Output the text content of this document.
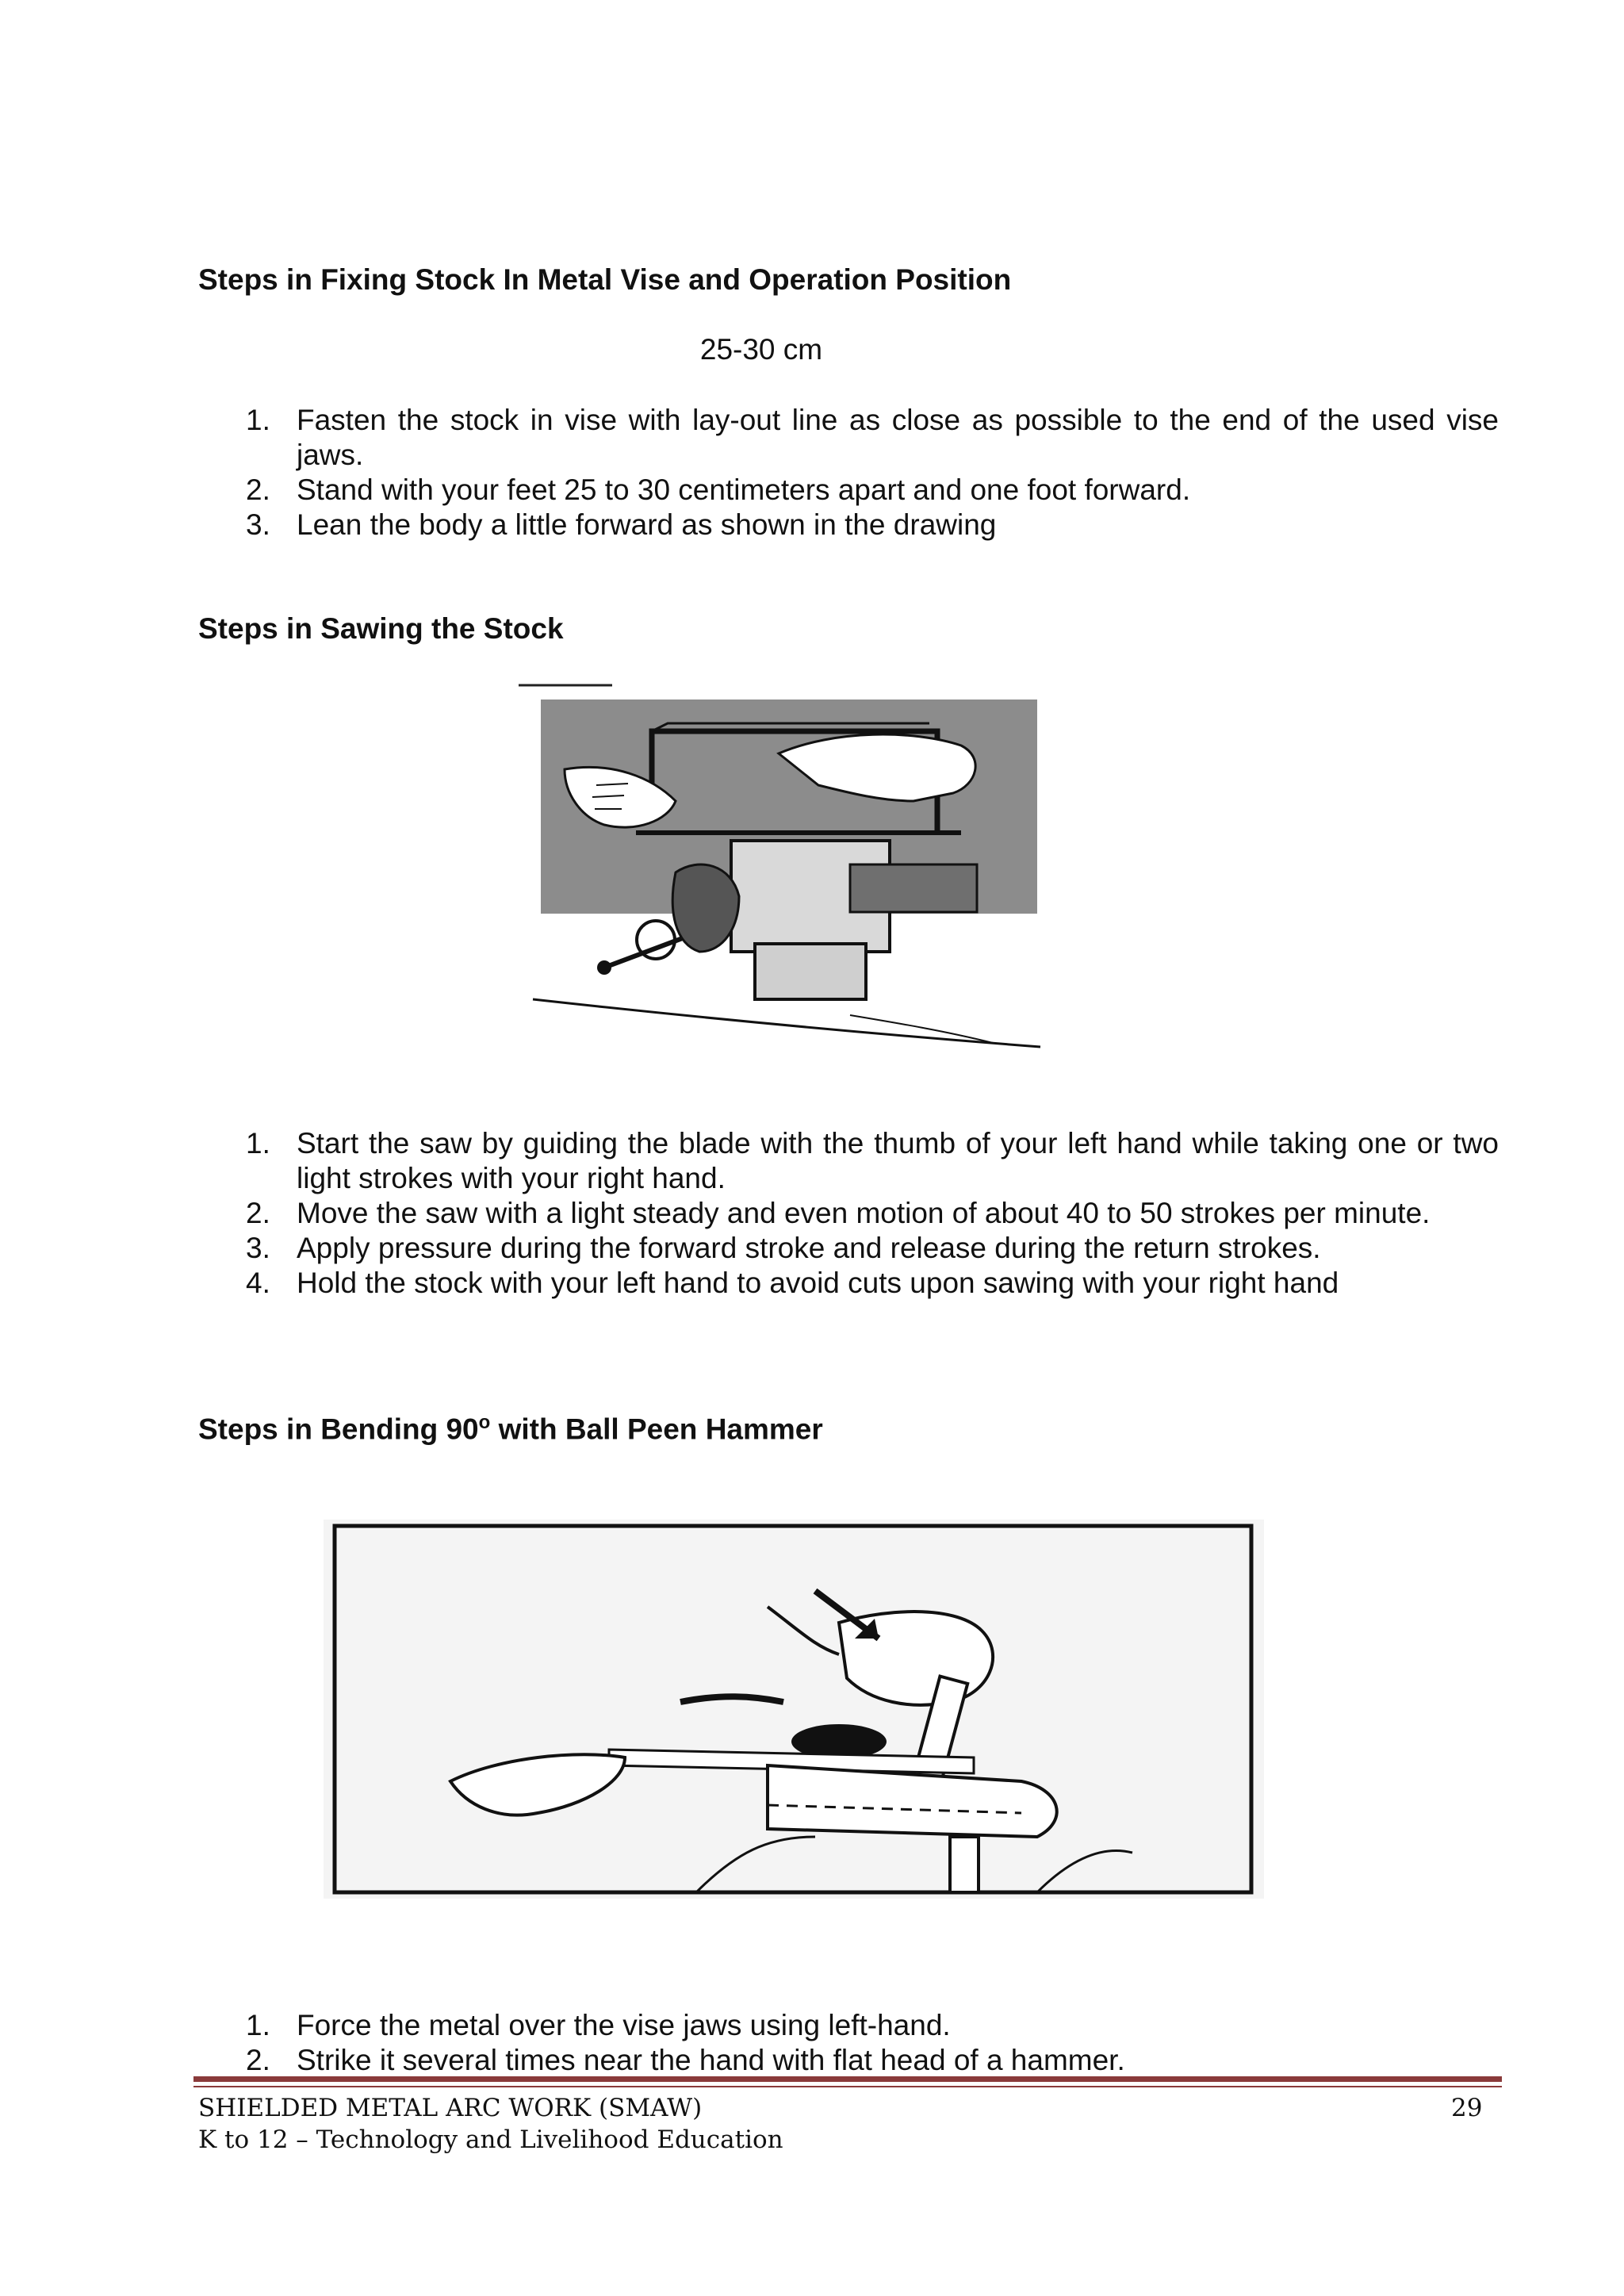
Steps in Fixing Stock In Metal Vise and Operation Position

25-30 cm
1. Fasten the stock in vise with lay-out line as close as possible to the end of the used vise jaws.
2. Stand with your feet 25 to 30 centimeters apart and one foot forward.
3. Lean the body a little forward as shown in the drawing

Steps in Sawing the Stock

1. Start the saw by guiding the blade with the thumb of your left hand while taking one or two light strokes with your right hand.
2. Move the saw with a light steady and even motion of about 40 to 50 strokes per minute.
3. Apply pressure during the forward stroke and release during the return strokes.
4. Hold the stock with your left hand to avoid cuts upon sawing with your right hand

Steps in Bending 90$^o$ with Ball Peen Hammer

1. Force the metal over the vise jaws using left-hand.
2. Strike it several times near the hand with flat head of a hammer.
SHIELDED METAL ARC WORK (SMAW)
K to 12 – Technology and Livelihood Education
29
